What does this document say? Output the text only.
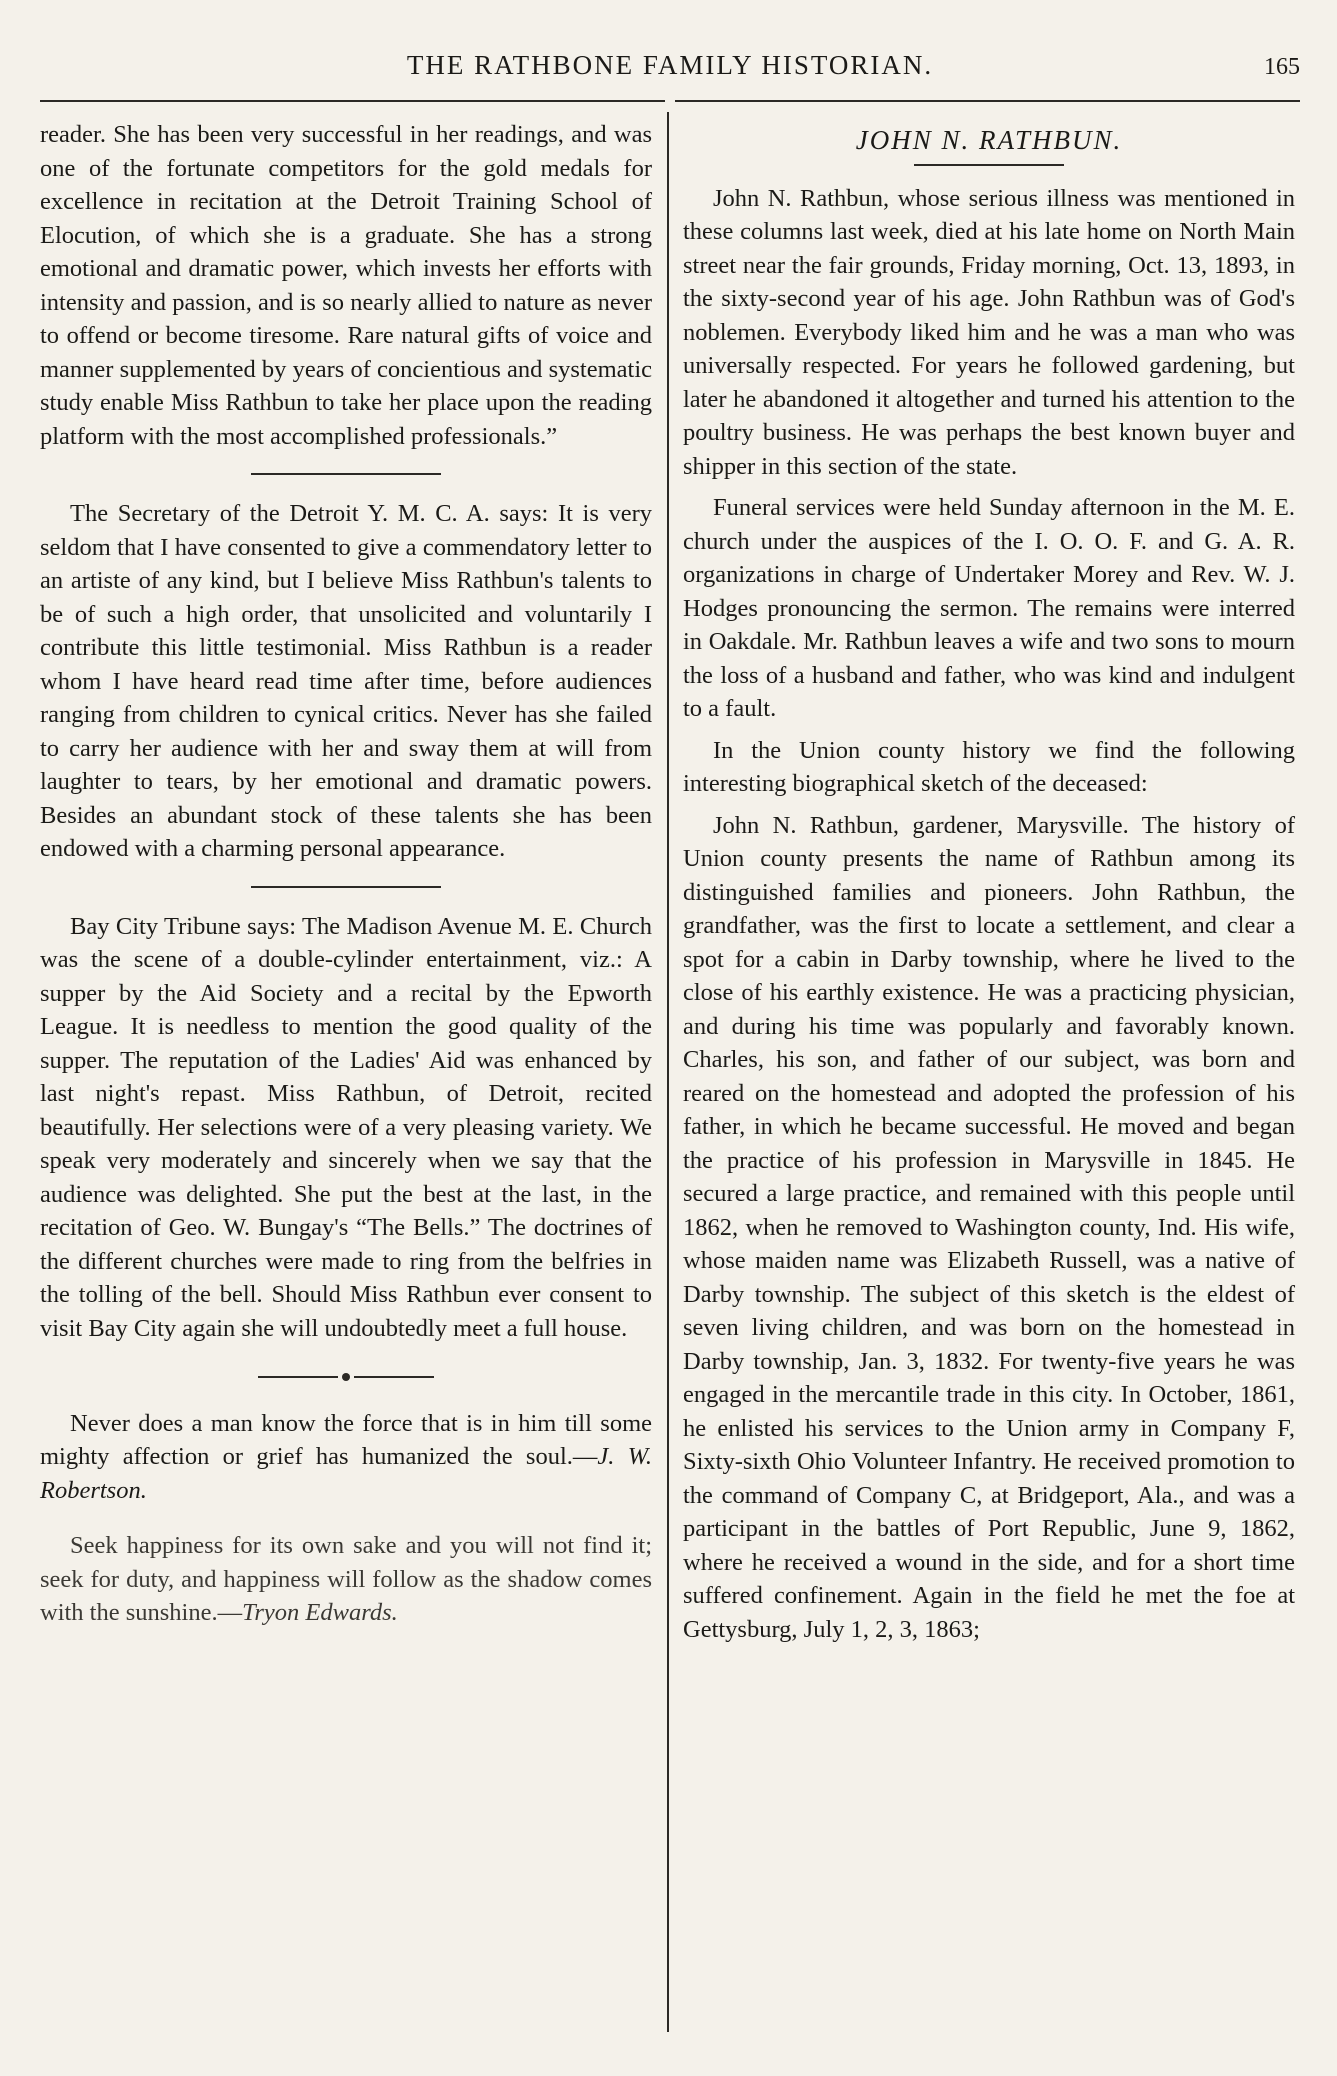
THE RATHBONE FAMILY HISTORIAN.	165

reader. She has been very successful in her readings, and was one of the fortunate competitors for the gold medals for excellence in recitation at the Detroit Training School of Elocution, of which she is a graduate. She has a strong emotional and dramatic power, which invests her efforts with intensity and passion, and is so nearly allied to nature as never to offend or become tiresome. Rare natural gifts of voice and manner supplemented by years of concientious and systematic study enable Miss Rathbun to take her place upon the reading platform with the most accomplished professionals.”

The Secretary of the Detroit Y. M. C. A. says: It is very seldom that I have consented to give a commendatory letter to an artiste of any kind, but I believe Miss Rathbun's talents to be of such a high order, that unsolicited and voluntarily I contribute this little testimonial. Miss Rathbun is a reader whom I have heard read time after time, before audiences ranging from children to cynical critics. Never has she failed to carry her audience with her and sway them at will from laughter to tears, by her emotional and dramatic powers. Besides an abundant stock of these talents she has been endowed with a charming personal appearance.

Bay City Tribune says: The Madison Avenue M. E. Church was the scene of a double-cylinder entertainment, viz.: A supper by the Aid Society and a recital by the Epworth League. It is needless to mention the good quality of the supper. The reputation of the Ladies' Aid was enhanced by last night's repast. Miss Rathbun, of Detroit, recited beautifully. Her selections were of a very pleasing variety. We speak very moderately and sincerely when we say that the audience was delighted. She put the best at the last, in the recitation of Geo. W. Bungay's “The Bells.” The doctrines of the different churches were made to ring from the belfries in the tolling of the bell. Should Miss Rathbun ever consent to visit Bay City again she will undoubtedly meet a full house.

Never does a man know the force that is in him till some mighty affection or grief has humanized the soul.—J. W. Robertson.

Seek happiness for its own sake and you will not find it; seek for duty, and happiness will follow as the shadow comes with the sunshine.—Tryon Edwards.

JOHN N. RATHBUN.

John N. Rathbun, whose serious illness was mentioned in these columns last week, died at his late home on North Main street near the fair grounds, Friday morning, Oct. 13, 1893, in the sixty-second year of his age. John Rathbun was of God's noblemen. Everybody liked him and he was a man who was universally respected. For years he followed gardening, but later he abandoned it altogether and turned his attention to the poultry business. He was perhaps the best known buyer and shipper in this section of the state.

Funeral services were held Sunday afternoon in the M. E. church under the auspices of the I. O. O. F. and G. A. R. organizations in charge of Undertaker Morey and Rev. W. J. Hodges pronouncing the sermon. The remains were interred in Oakdale. Mr. Rathbun leaves a wife and two sons to mourn the loss of a husband and father, who was kind and indulgent to a fault.

In the Union county history we find the following interesting biographical sketch of the deceased:

John N. Rathbun, gardener, Marysville. The history of Union county presents the name of Rathbun among its distinguished families and pioneers. John Rathbun, the grandfather, was the first to locate a settlement, and clear a spot for a cabin in Darby township, where he lived to the close of his earthly existence. He was a practicing physician, and during his time was popularly and favorably known. Charles, his son, and father of our subject, was born and reared on the homestead and adopted the profession of his father, in which he became successful. He moved and began the practice of his profession in Marysville in 1845. He secured a large practice, and remained with this people until 1862, when he removed to Washington county, Ind. His wife, whose maiden name was Elizabeth Russell, was a native of Darby township. The subject of this sketch is the eldest of seven living children, and was born on the homestead in Darby township, Jan. 3, 1832. For twenty-five years he was engaged in the mercantile trade in this city. In October, 1861, he enlisted his services to the Union army in Company F, Sixty-sixth Ohio Volunteer Infantry. He received promotion to the command of Company C, at Bridgeport, Ala., and was a participant in the battles of Port Republic, June 9, 1862, where he received a wound in the side, and for a short time suffered confinement. Again in the field he met the foe at Gettysburg, July 1, 2, 3, 1863;
